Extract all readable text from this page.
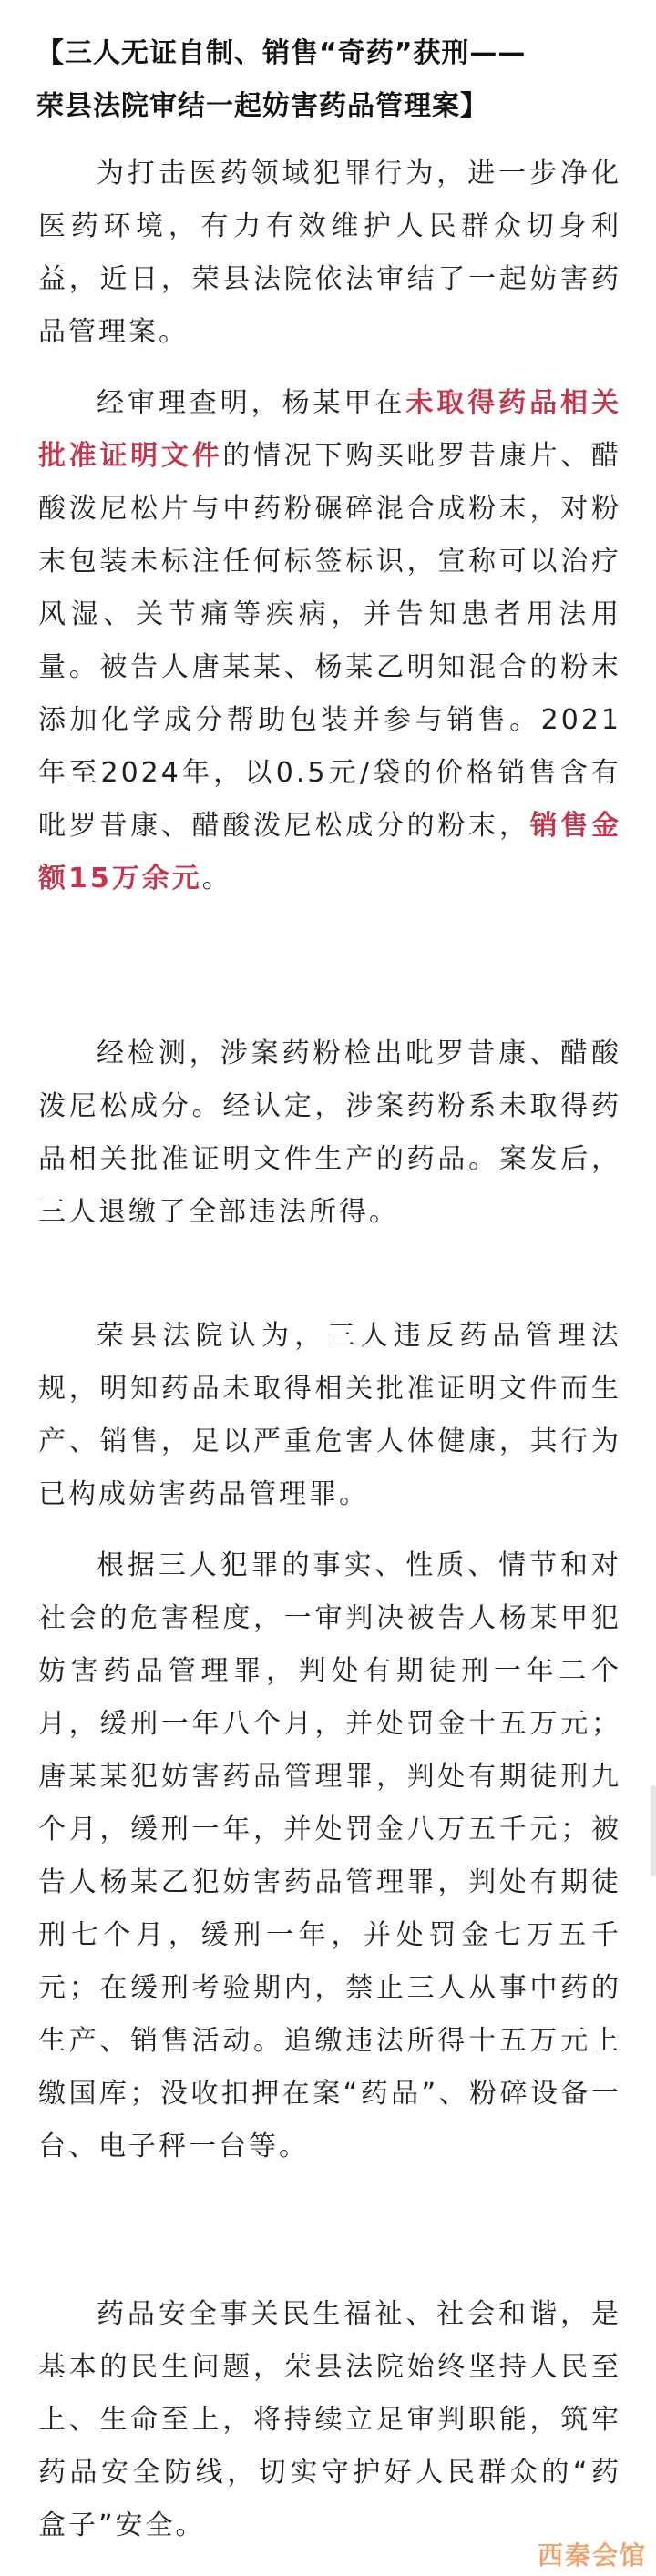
【三人无证自制、销售“奇药”获刑——
荣县法院审结一起妨害药品管理案】

为打击医药领域犯罪行为，进一步净化医药环境，有力有效维护人民群众切身利益，近日，荣县法院依法审结了一起妨害药品管理案。

经审理查明，杨某甲在未取得药品相关批准证明文件的情况下购买吡罗昔康片、醋酸泼尼松片与中药粉碾碎混合成粉末，对粉末包装未标注任何标签标识，宣称可以治疗风湿、关节痛等疾病，并告知患者用法用量。被告人唐某某、杨某乙明知混合的粉末添加化学成分帮助包装并参与销售。2021年至2024年，以0.5元/袋的价格销售含有吡罗昔康、醋酸泼尼松成分的粉末，销售金额15万余元。

经检测，涉案药粉检出吡罗昔康、醋酸泼尼松成分。经认定，涉案药粉系未取得药品相关批准证明文件生产的药品。案发后，三人退缴了全部违法所得。

荣县法院认为，三人违反药品管理法规，明知药品未取得相关批准证明文件而生产、销售，足以严重危害人体健康，其行为已构成妨害药品管理罪。

根据三人犯罪的事实、性质、情节和对社会的危害程度，一审判决被告人杨某甲犯妨害药品管理罪，判处有期徒刑一年二个月，缓刑一年八个月，并处罚金十五万元；唐某某犯妨害药品管理罪，判处有期徒刑九个月，缓刑一年，并处罚金八万五千元；被告人杨某乙犯妨害药品管理罪，判处有期徒刑七个月，缓刑一年，并处罚金七万五千元；在缓刑考验期内，禁止三人从事中药的生产、销售活动。追缴违法所得十五万元上缴国库；没收扣押在案“药品”、粉碎设备一台、电子秤一台等。

药品安全事关民生福祉、社会和谐，是基本的民生问题，荣县法院始终坚持人民至上、生命至上，将持续立足审判职能，筑牢药品安全防线，切实守护好人民群众的“药盒子”安全。

西秦会馆
